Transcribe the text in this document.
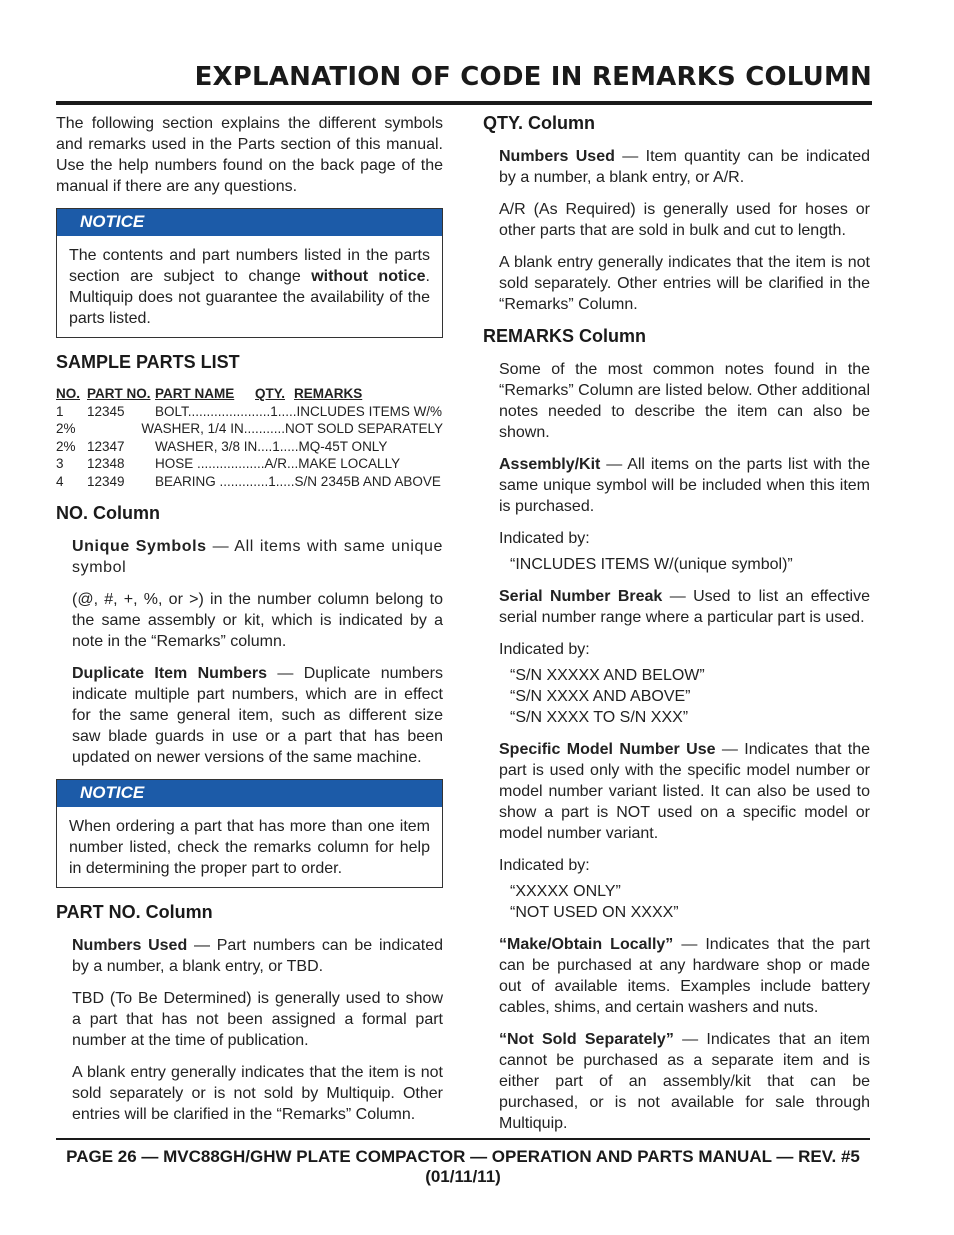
EXPLANATION OF CODE IN REMARKS COLUMN

The following section explains the different symbols and remarks used in the Parts section of this manual. Use the help numbers found on the back page of the manual if there are any questions.

NOTICE

The contents and part numbers listed in the parts section are subject to change without notice. Multiquip does not guarantee the availability of the parts listed.

SAMPLE PARTS LIST
NO. PART NO. PART NAME	QTY. REMARKS
1	12345	BOLT......................1 .....INCLUDES ITEMS W/%
2%	WASHER, 1/4 IN........... NOT SOLD SEPARATELY
2% 12347	WASHER, 3/8 IN....1 .....MQ-45T ONLY
3	12348	HOSE ..................A/R ...MAKE LOCALLY
4	12349	BEARING .............1 .....S/N 2345B AND ABOVE
NO. Column

Unique Symbols — All items with same unique symbol

(@, #, +, %, or >) in the number column belong to the same assembly or kit, which is indicated by a note in the “Remarks” column.

Duplicate Item Numbers — Duplicate numbers indicate multiple part numbers, which are in effect for the same general item, such as different size saw blade guards in use or a part that has been updated on newer versions of the same machine.

NOTICE

When ordering a part that has more than one item number listed, check the remarks column for help in determining the proper part to order.

PART NO. Column

Numbers Used — Part numbers can be indicated by a number, a blank entry, or TBD.

TBD (To Be Determined) is generally used to show a part that has not been assigned a formal part number at the time of publication.

A blank entry generally indicates that the item is not sold separately or is not sold by Multiquip. Other entries will be clarified in the “Remarks” Column.

QTY. Column

Numbers Used — Item quantity can be indicated by a number, a blank entry, or A/R.

A/R (As Required) is generally used for hoses or other parts that are sold in bulk and cut to length.

A blank entry generally indicates that the item is not sold separately. Other entries will be clarified in the “Remarks” Column.

REMARKS Column

Some of the most common notes found in the “Remarks” Column are listed below. Other additional notes needed to describe the item can also be shown.

Assembly/Kit — All items on the parts list with the same unique symbol will be included when this item is purchased.

Indicated by:

“INCLUDES ITEMS W/(unique symbol)”

Serial Number Break — Used to list an effective serial number range where a particular part is used.

Indicated by:

“S/N XXXXX AND BELOW”
“S/N XXXX AND ABOVE”
“S/N XXXX TO S/N XXX”

Specific Model Number Use — Indicates that the part is used only with the specific model number or model number variant listed. It can also be used to show a part is NOT used on a specific model or model number variant.

Indicated by:

“XXXXX ONLY”
“NOT USED ON XXXX”

“Make/Obtain Locally” — Indicates that the part can be purchased at any hardware shop or made out of available items. Examples include battery cables, shims, and certain washers and nuts.

“Not Sold Separately” — Indicates that an item cannot be purchased as a separate item and is either part of an assembly/kit that can be purchased, or is not available for sale through Multiquip.

PAGE 26 — MVC88GH/GHW PLATE COMPACTOR — OPERATION AND PARTS MANUAL — REV. #5 (01/11/11)
